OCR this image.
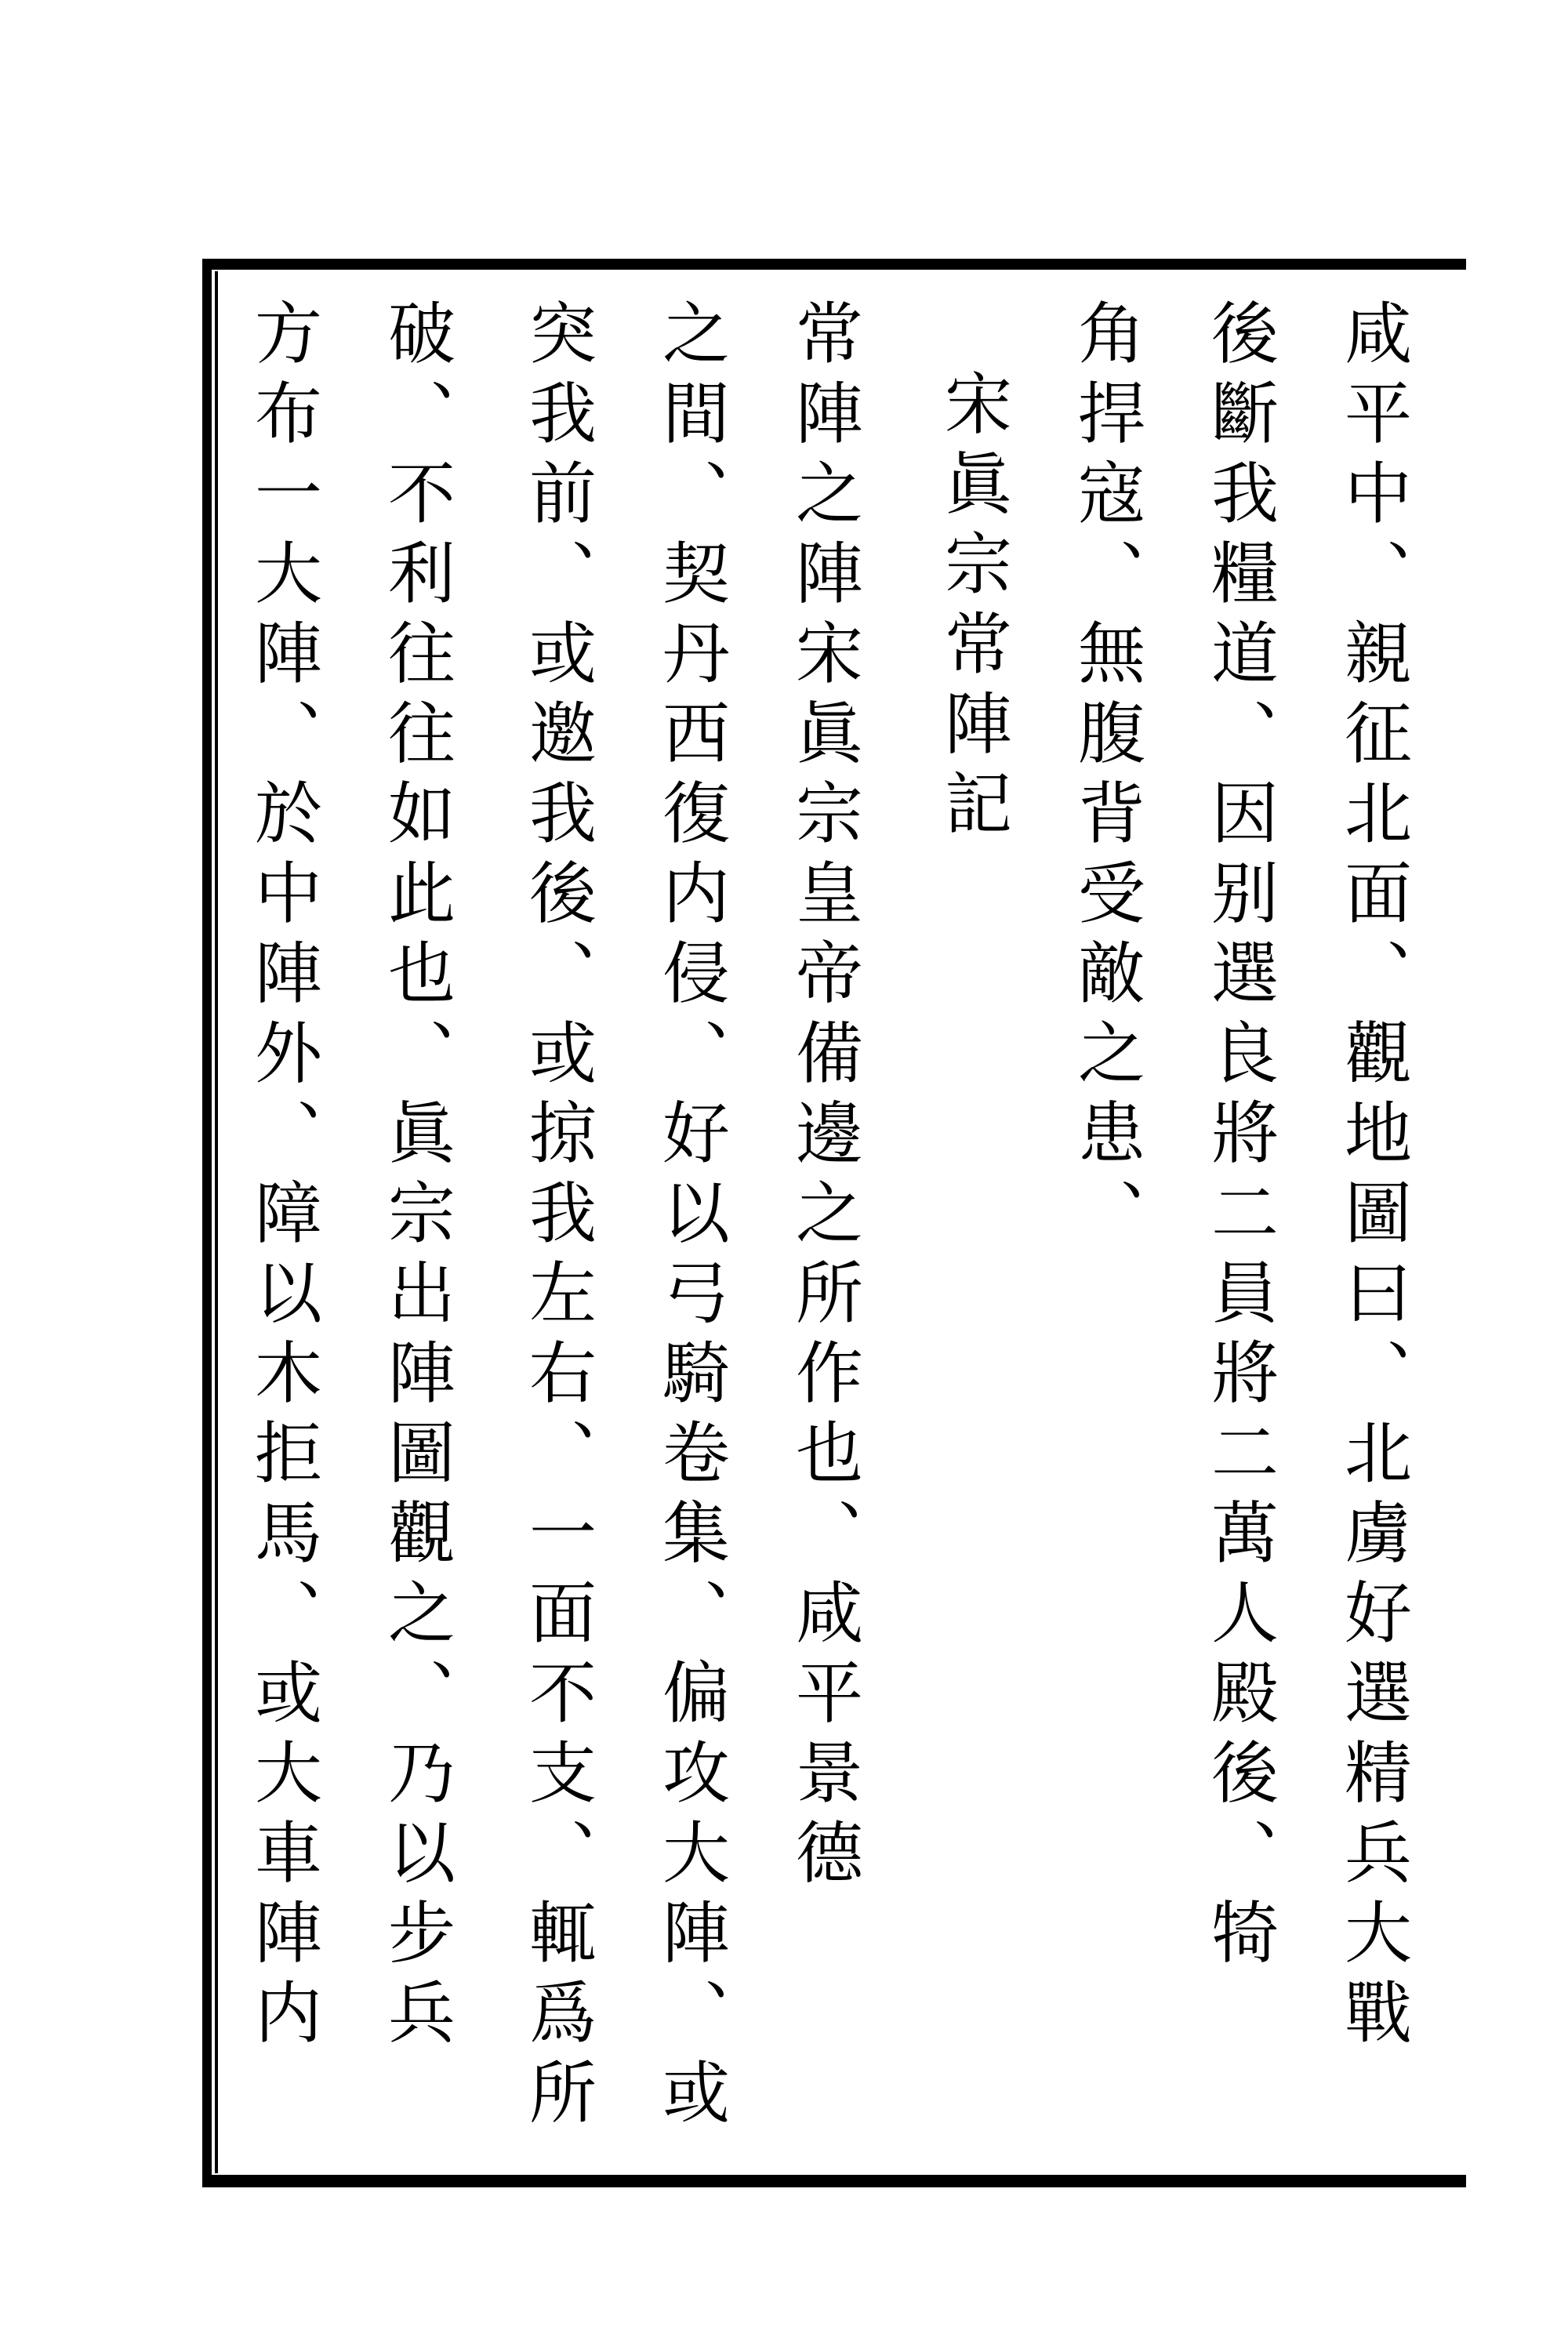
咸平中、親征北面、觀地圖曰、北虜好選精兵大戰
後斷我糧道、因别選良將二員將二萬人殿後、犄
角捍寇、無腹背受敵之患、
宋眞宗常陣記
常陣之陣宋眞宗皇帝備邊之所作也、咸平景德
之間、契丹西復内侵、好以弓騎卷集、偏攻大陣、或
突我前、或邀我後、或掠我左右、一面不支、輒爲所
破、不利往往如此也、眞宗出陣圖觀之、乃以步兵
方布一大陣、於中陣外、障以木拒馬、或大車陣内
